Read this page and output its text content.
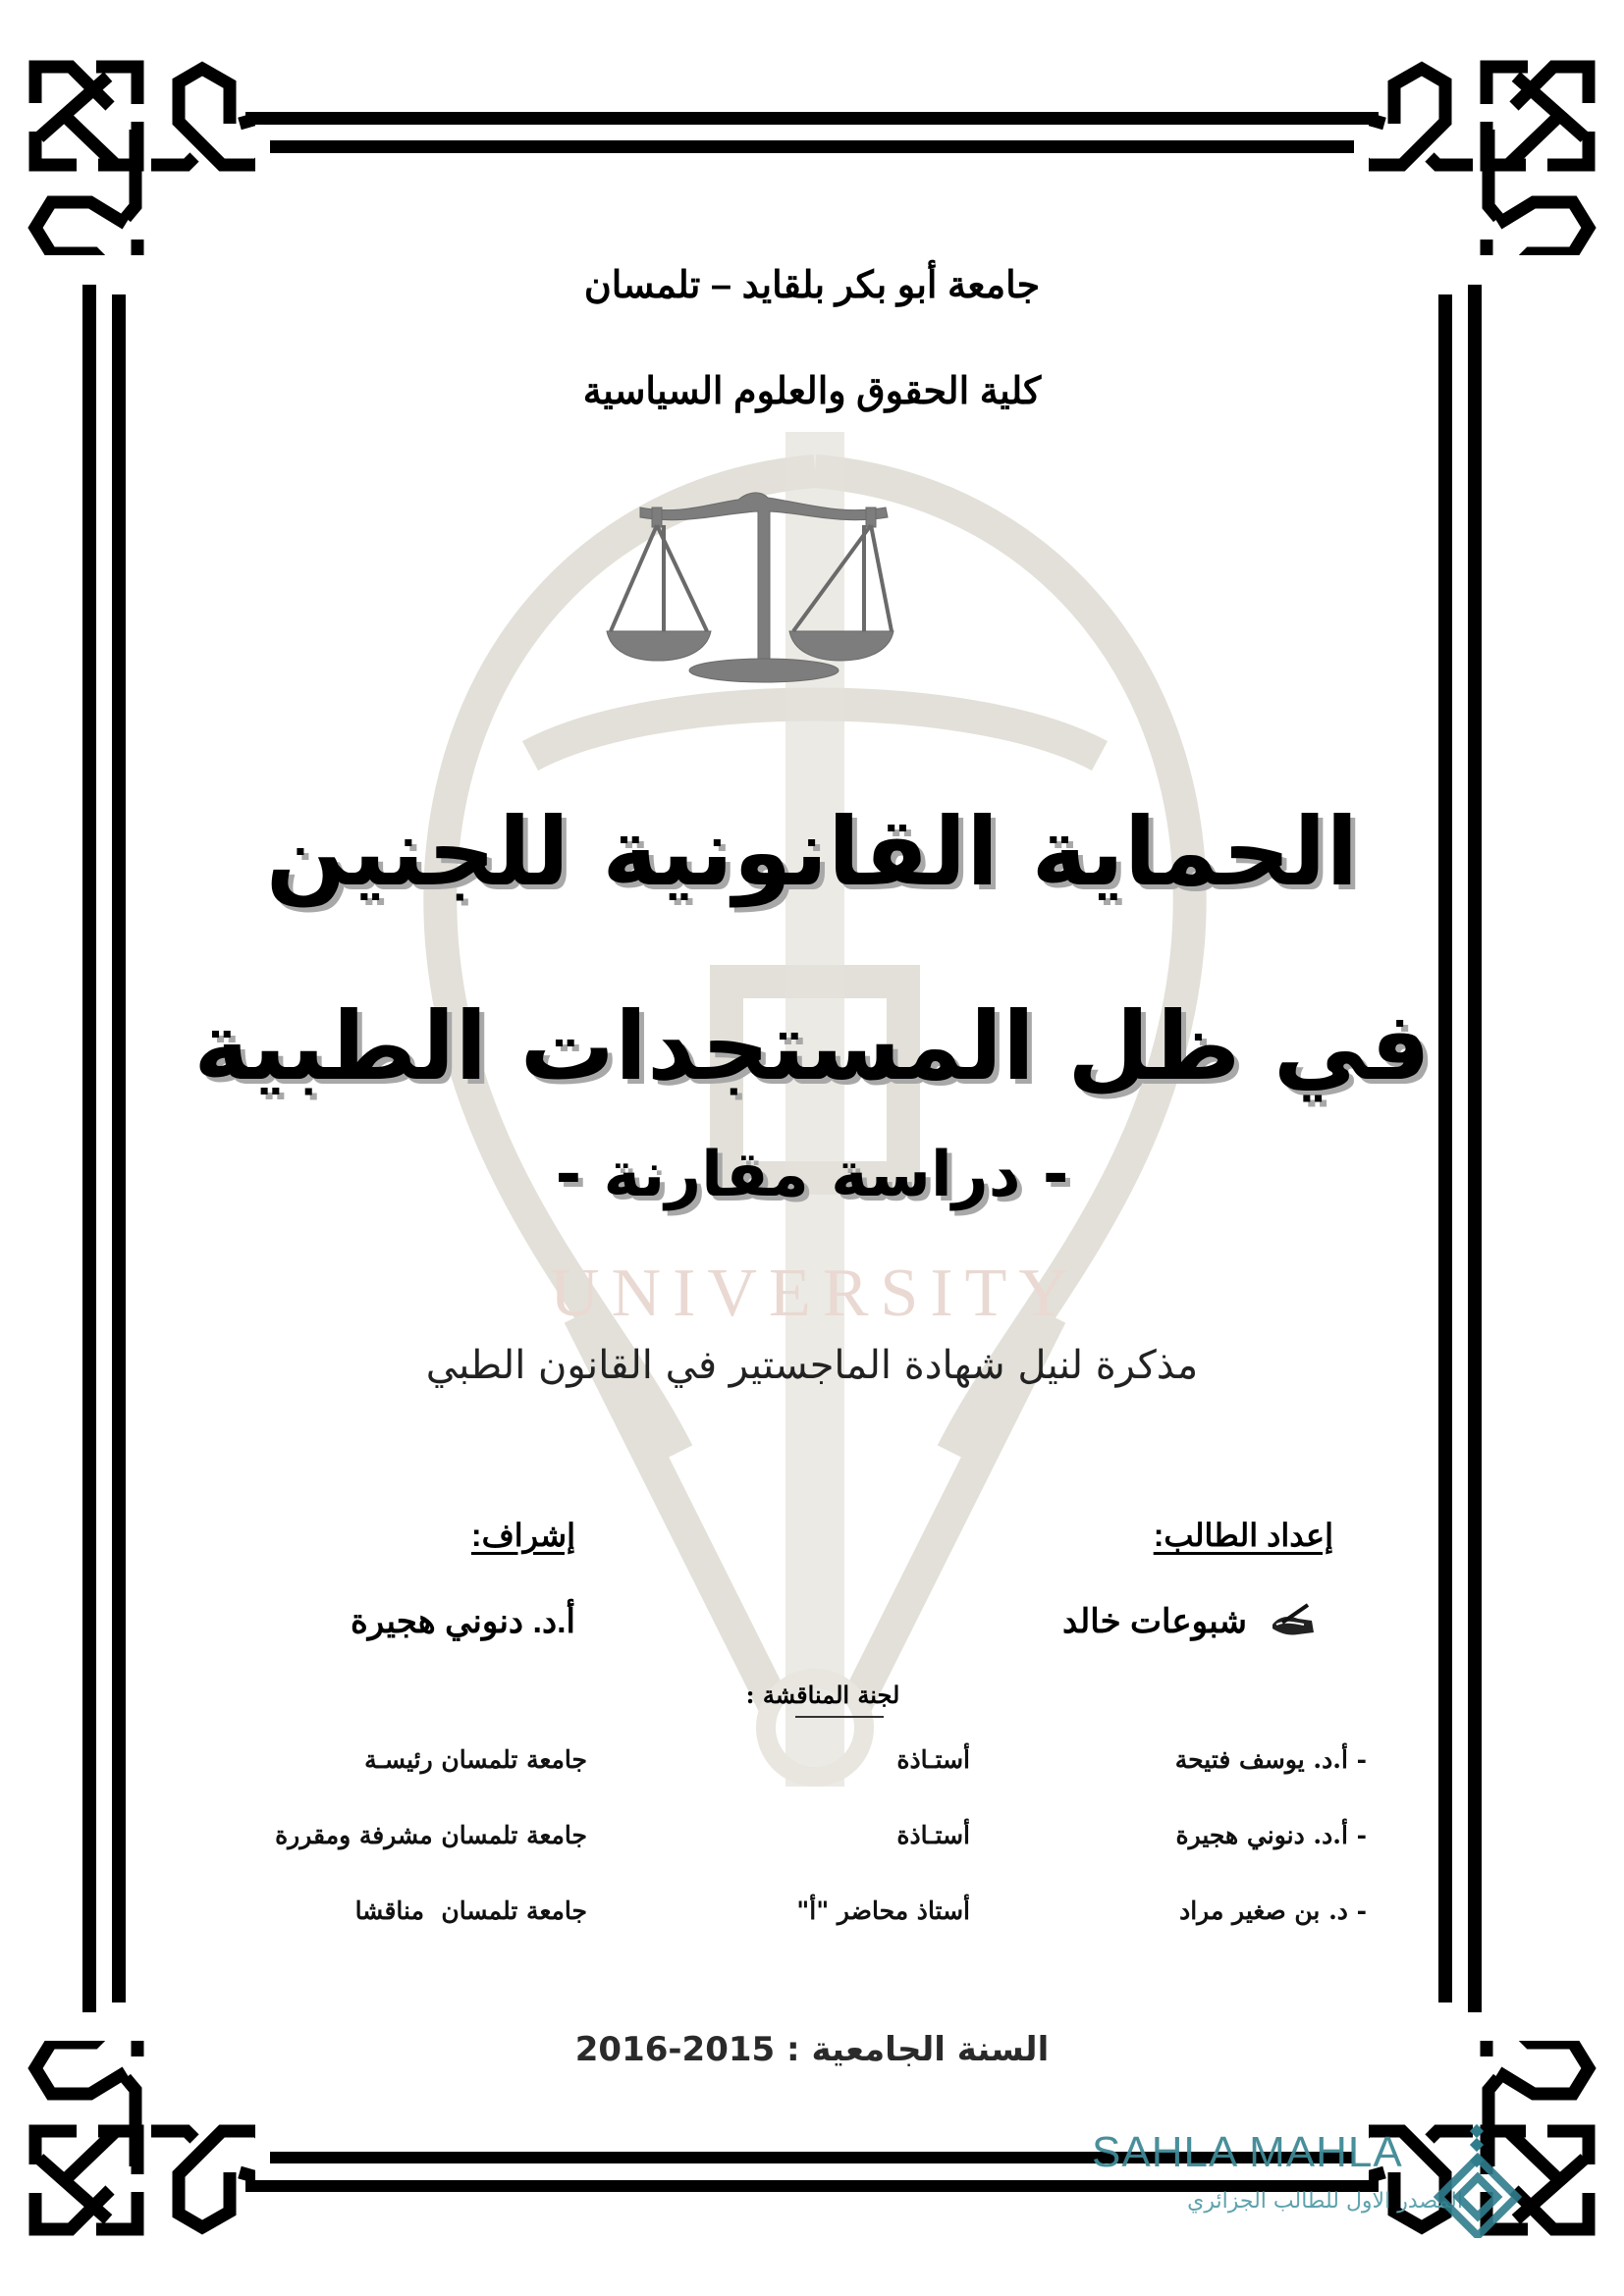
UNIVERSITY
جامعة أبو بكر بلقايد – تلمسان
كلية الحقوق والعلوم السياسية
الحماية القانونية للجنين
في ظل المستجدات الطبية
- دراسة مقارنة -
مذكرة لنيل شهادة الماجستير في القانون الطبي
إعداد الطالب:
إشراف:
شبوعات خالد
أ.د. دنوني هجيرة
لجنة المناقشة :
- أ.د. يوسف فتيحة
أستـاذة
جامعة تلمسان رئيسـة
- أ.د. دنوني هجيرة
أستـاذة
جامعة تلمسان مشرفة ومقررة
- د. بن صغير مراد
أستاذ محاضر "أ"
جامعة تلمسان  مناقشا
السنة الجامعية : 2015-2016
SAHLA MAHLA
المصدر الاول للطالب الجزائري
